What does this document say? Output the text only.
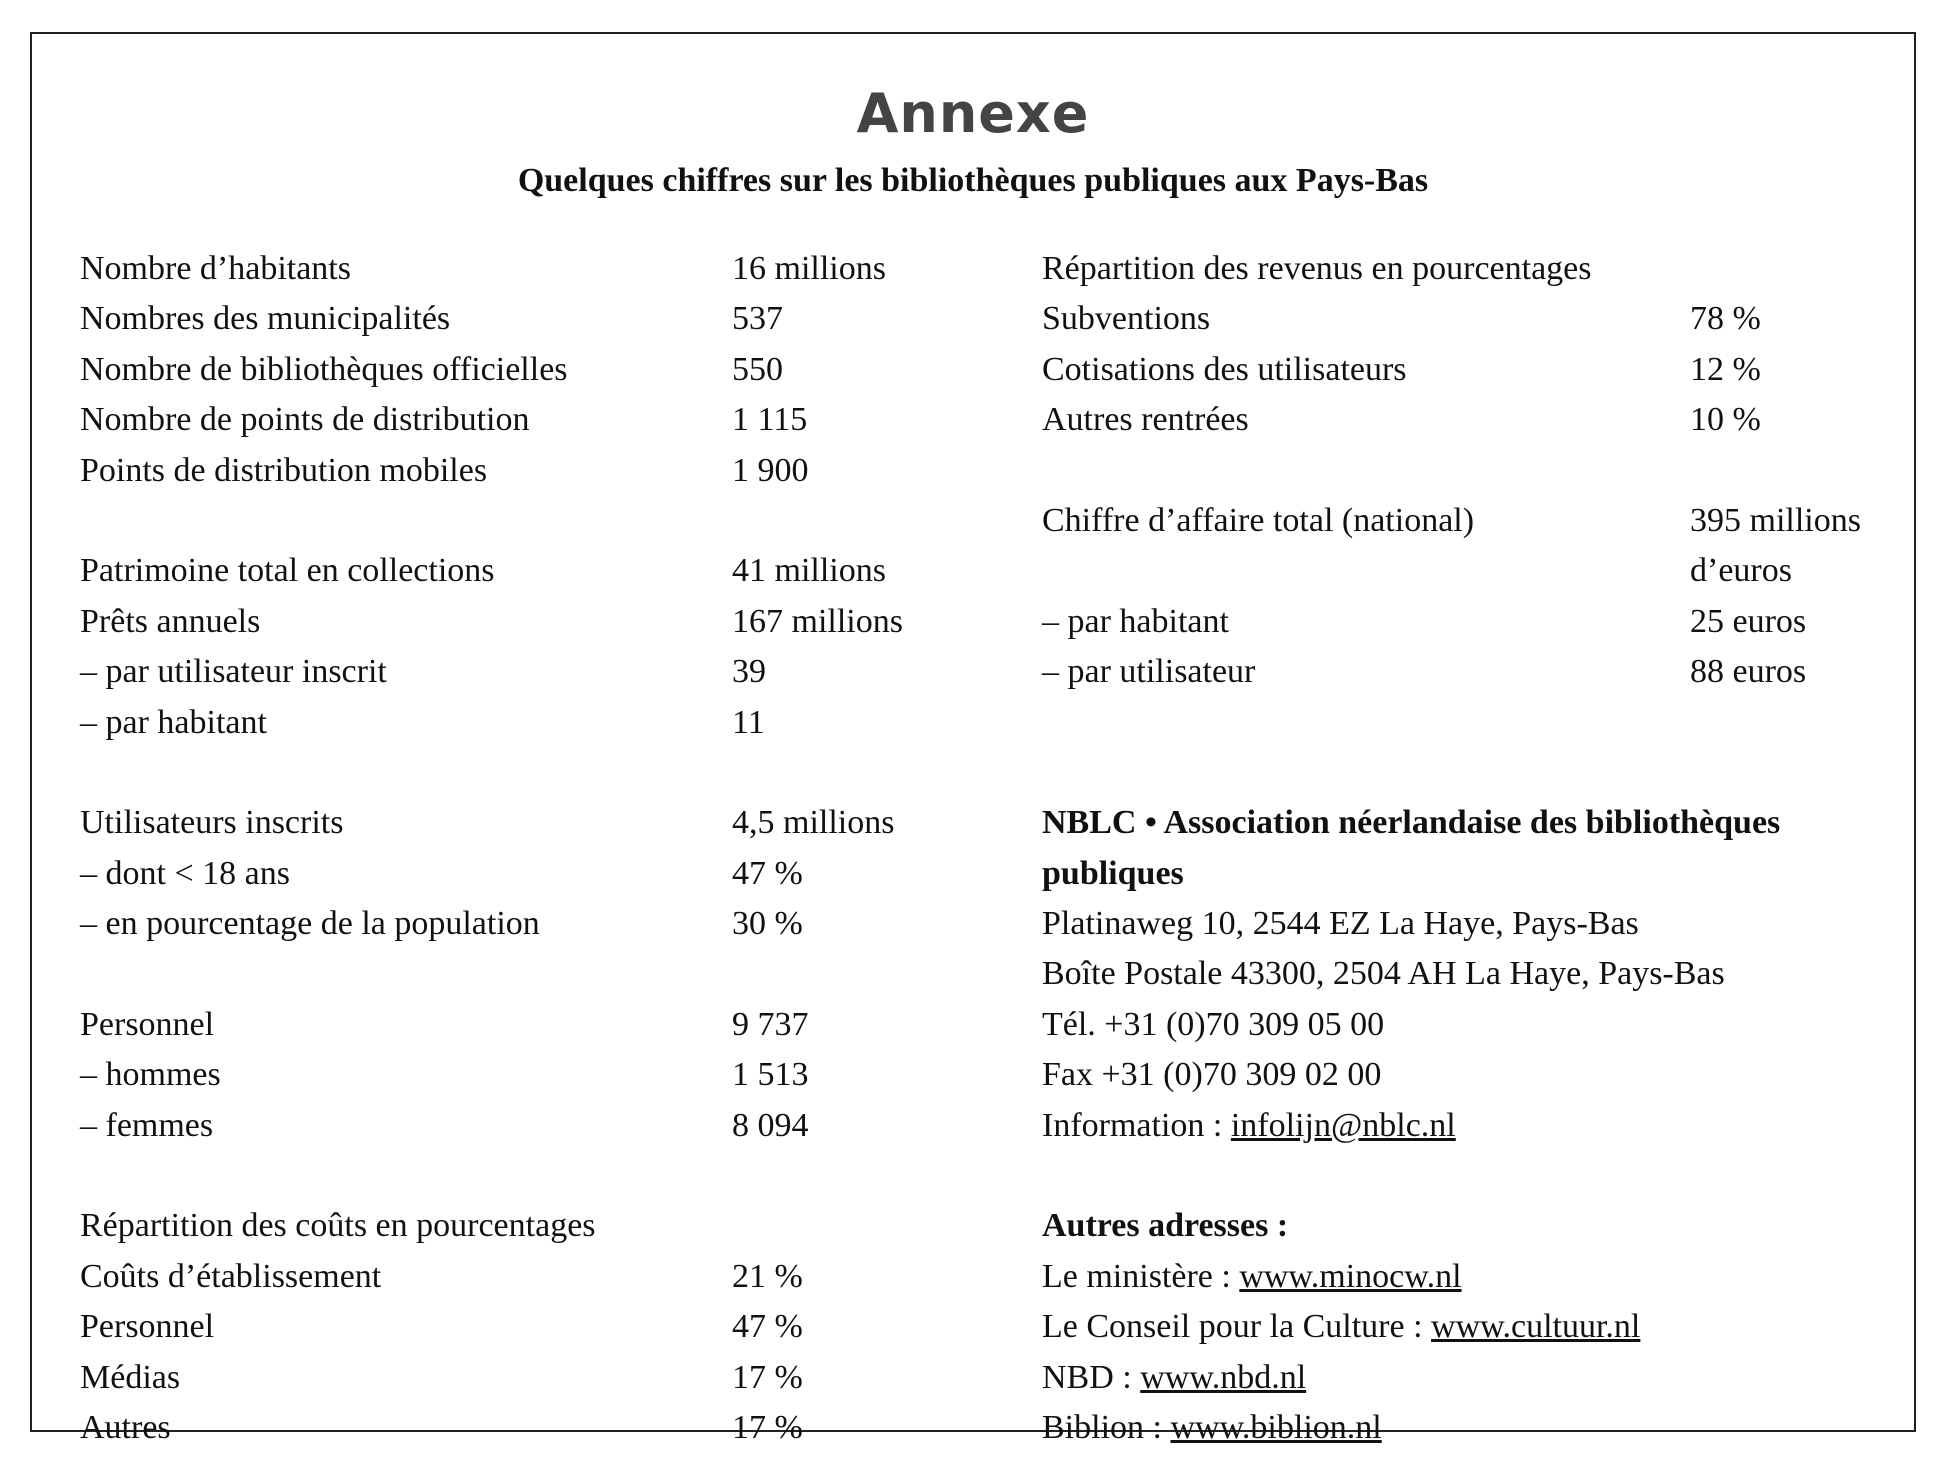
Annexe
Quelques chiffres sur les bibliothèques publiques aux Pays-Bas
Nombre d’habitants	16 millions
Nombres des municipalités	537
Nombre de bibliothèques officielles	550
Nombre de points de distribution	1 115
Points de distribution mobiles	1 900
Patrimoine total en collections	41 millions
Prêts annuels	167 millions
– par utilisateur inscrit	39
– par habitant	11
Utilisateurs inscrits	4,5 millions
– dont < 18 ans	47 %
– en pourcentage de la population	30 %
Personnel	9 737
– hommes	1 513
– femmes	8 094
Répartition des coûts en pourcentages
Coûts d’établissement	21 %
Personnel	47 %
Médias	17 %
Autres	17 %
Répartition des revenus en pourcentages
Subventions	78 %
Cotisations des utilisateurs	12 %
Autres rentrées	10 %
Chiffre d’affaire total (national)	395 millions
d’euros
– par habitant	25 euros
– par utilisateur	88 euros
NBLC • Association néerlandaise des bibliothèques
publiques
Platinaweg 10, 2544 EZ La Haye, Pays-Bas
Boîte Postale 43300, 2504 AH La Haye, Pays-Bas
Tél. +31 (0)70 309 05 00
Fax +31 (0)70 309 02 00
Information : infolijn@nblc.nl
Autres adresses :
Le ministère : www.minocw.nl
Le Conseil pour la Culture : www.cultuur.nl
NBD : www.nbd.nl
Biblion : www.biblion.nl
